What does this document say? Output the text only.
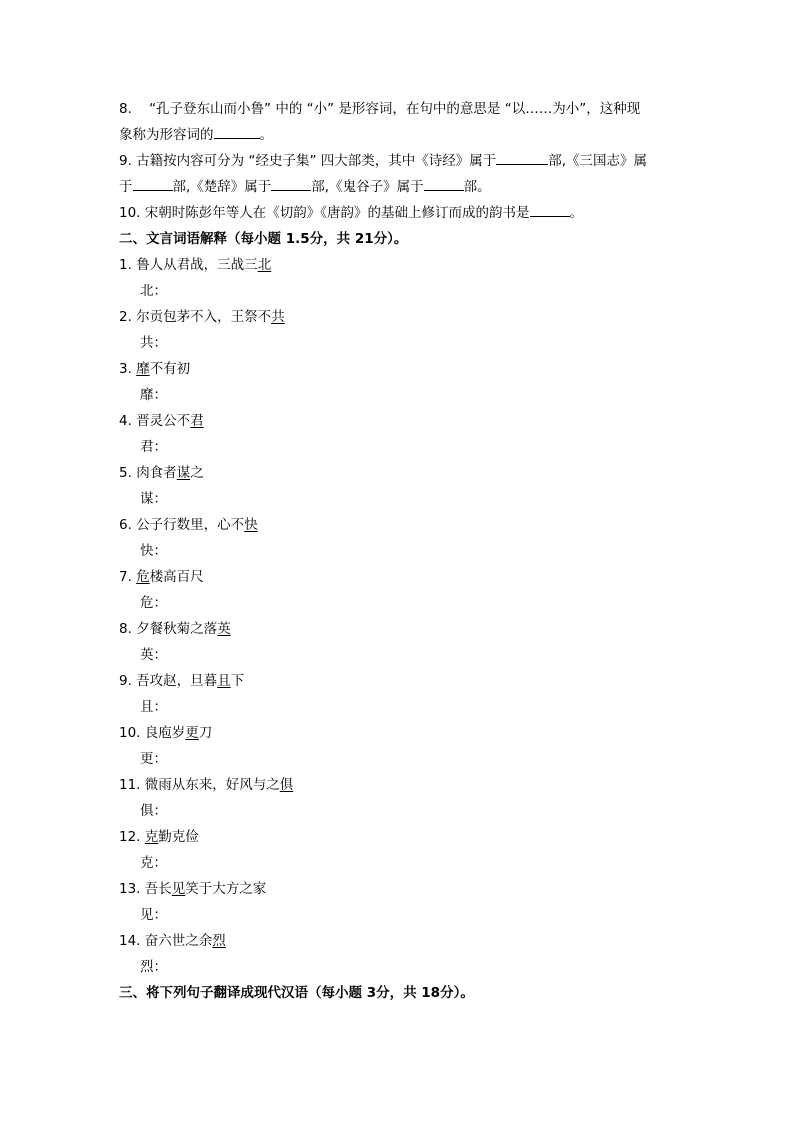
8. “孔子登东山而小鲁” 中的 “小” 是形容词，在句中的意思是 “以……为小”，这种现
象称为形容词的	。
9. 古籍按内容可分为 “经史子集” 四大部类，其中《诗经》属于	部,《三国志》属
于	部,《楚辞》属于	部,《鬼谷子》属于	部。
10. 宋朝时陈彭年等人在《切韵》《唐韵》的基础上修订而成的韵书是	。
二、文言词语解释（每小题 1.5分，共 21分）。
1. 鲁人从君战，三战三北
北：
2. 尔贡包茅不入，王祭不共
共：
3. 靡不有初
靡：
4. 晋灵公不君
君：
5. 肉食者谋之
谋：
6. 公子行数里，心不快
快：
7. 危楼高百尺
危：
8. 夕餐秋菊之落英
英：
9. 吾攻赵，旦暮且下
且：
10. 良庖岁更刀
更：
11. 微雨从东来，好风与之俱
俱：
12. 克勤克俭
克：
13. 吾长见笑于大方之家
见：
14. 奋六世之余烈
烈：
三、将下列句子翻译成现代汉语（每小题 3分，共 18分）。
